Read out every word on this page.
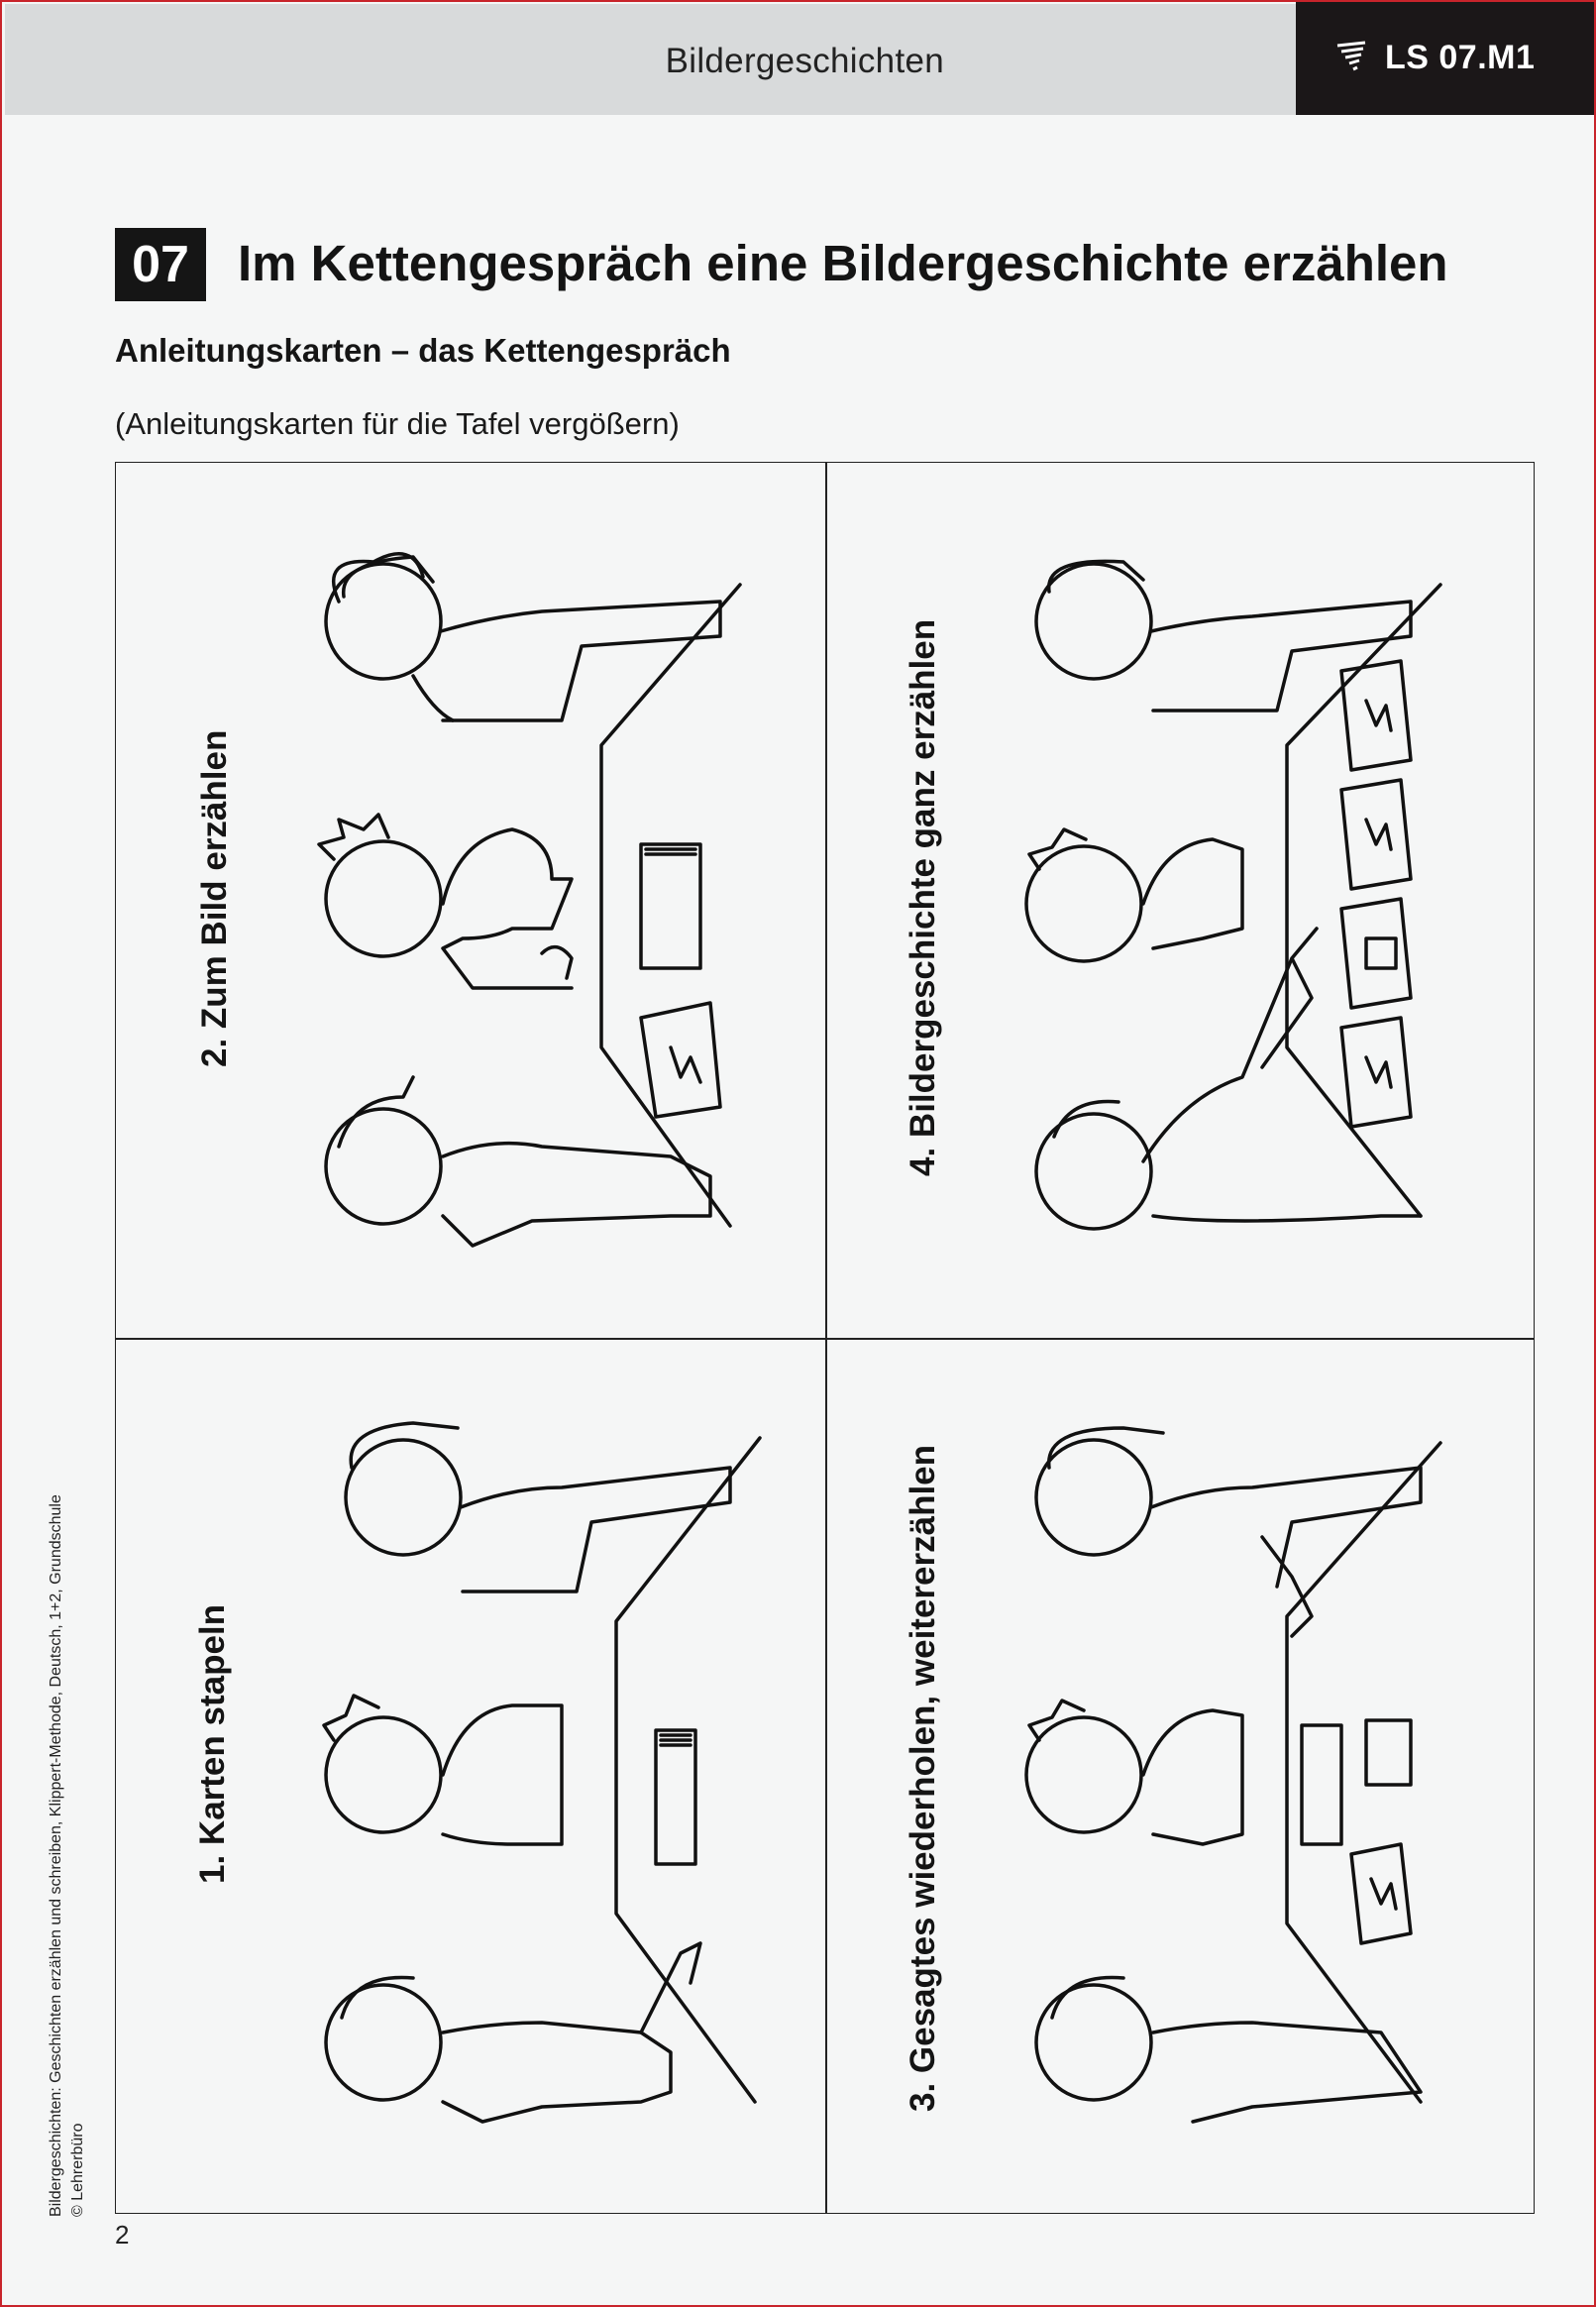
Bildergeschichten	LS 07.M1
07 Im Kettengespräch eine Bildergeschichte erzählen
Anleitungskarten – das Kettengespräch
(Anleitungskarten für die Tafel vergößern)
2. Zum Bild erzählen	4. Bildergeschichte ganz erzählen
1. Karten stapeln	3. Gesagtes wiederholen, weitererzählen
Bildergeschichten: Geschichten erzählen und schreiben, Klippert-Methode, Deutsch, 1+2, Grundschule © Lehrerbüro
2
